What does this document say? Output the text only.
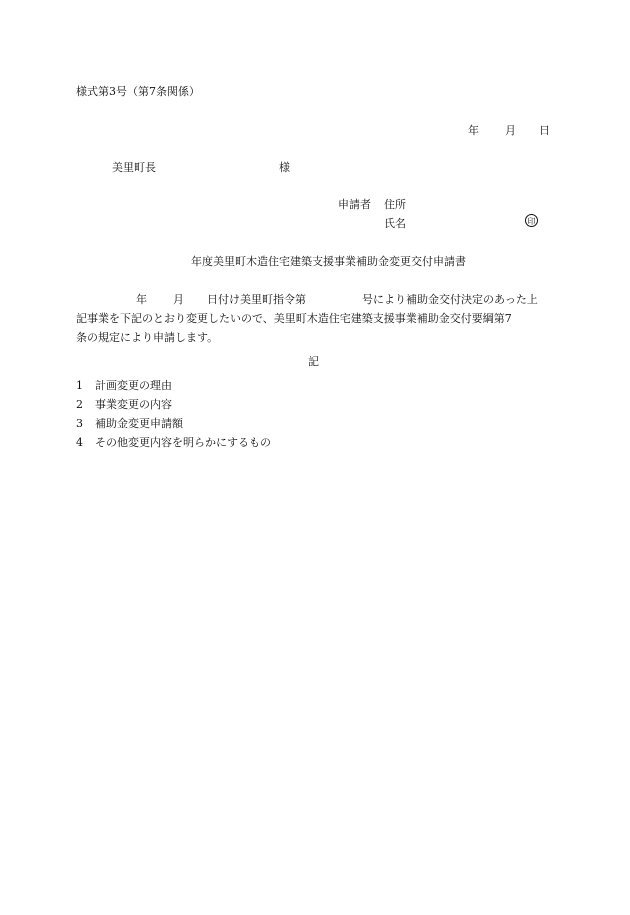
様式第3号（第7条関係）
年 月 日
美里町長	様
申請者 住所
氏名	印
年度美里町木造住宅建築支援事業補助金変更交付申請書
年 月 日付け美里町指令第	号により補助金交付決定のあった上
記事業を下記のとおり変更したいので、美里町木造住宅建築支援事業補助金交付要綱第7
条の規定により申請します。
記
1 計画変更の理由
2 事業変更の内容
3 補助金変更申請額
4 その他変更内容を明らかにするもの
